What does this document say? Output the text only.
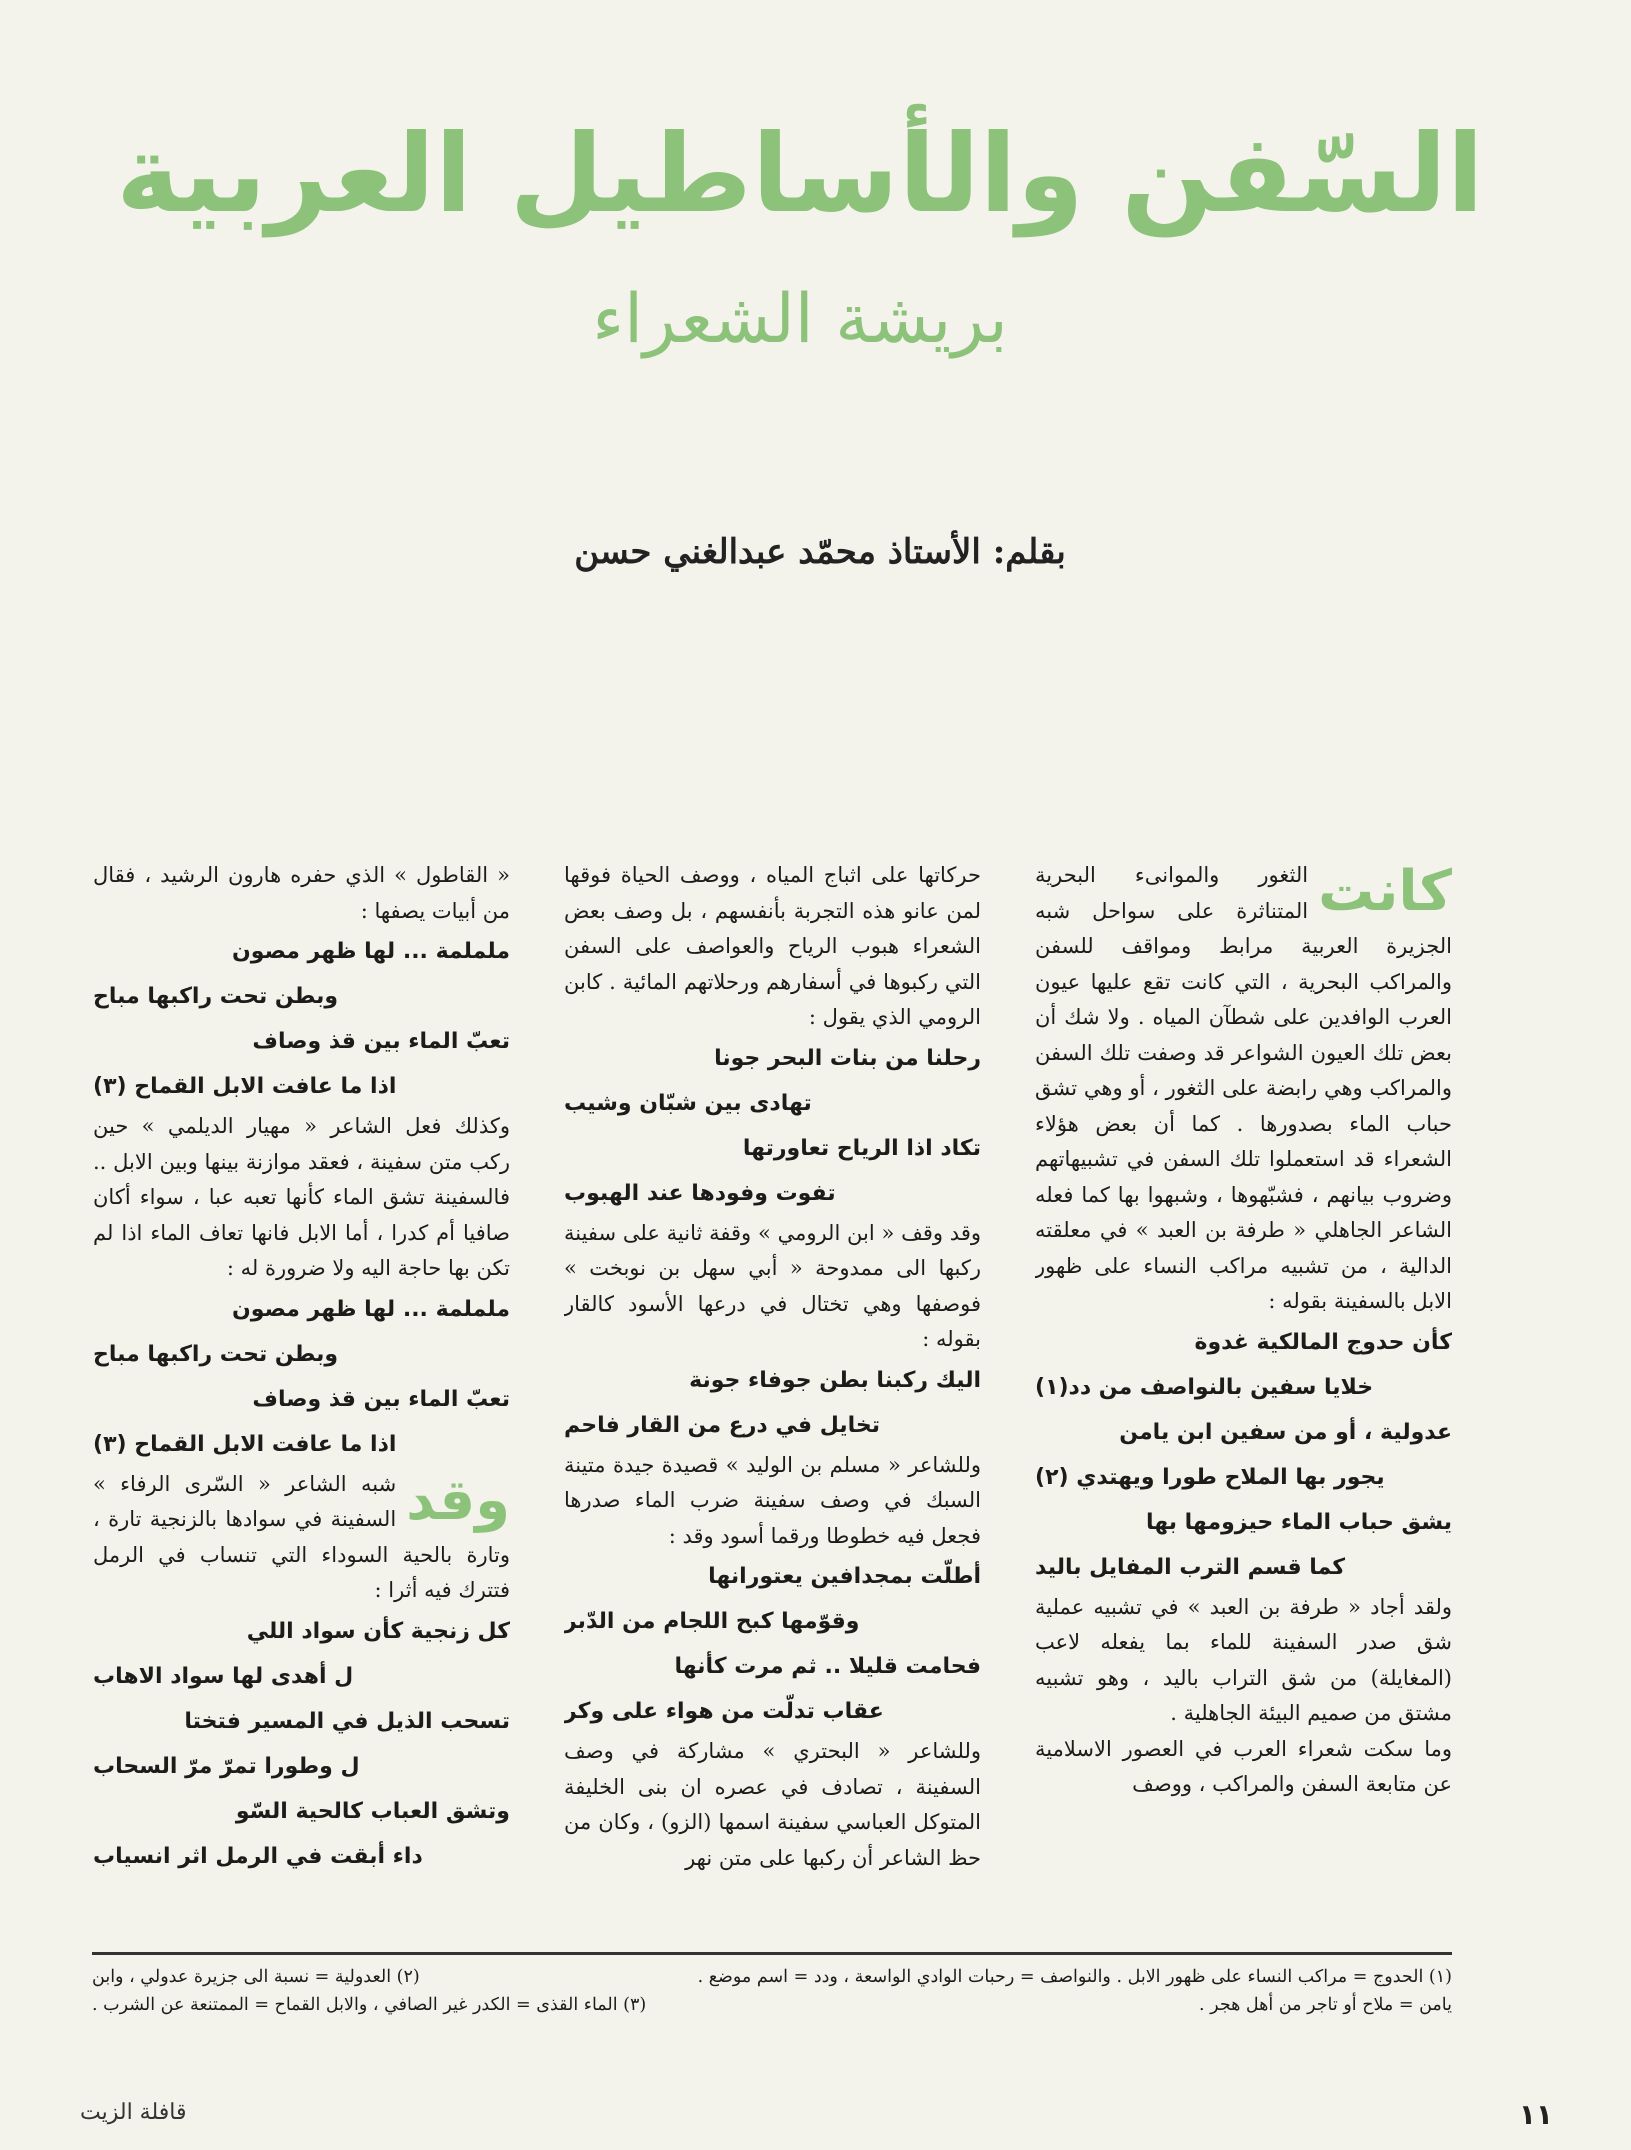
السّفن والأساطيل العربية
بريشة الشعراء
بقلم: الأستاذ محمّد عبدالغني حسن
كانت

الثغور والموانىء البحرية المتناثرة على سواحل شبه الجزيرة العربية مرابط ومواقف للسفن والمراكب البحرية ، التي كانت تقع عليها عيون العرب الوافدين على شطآن المياه . ولا شك أن بعض تلك العيون الشواعر قد وصفت تلك السفن والمراكب وهي رابضة على الثغور ، أو وهي تشق حباب الماء بصدورها . كما أن بعض هؤلاء الشعراء قد استعملوا تلك السفن في تشبيهاتهم وضروب بيانهم ، فشبّهوها ، وشبهوا بها كما فعله الشاعر الجاهلي « طرفة بن العبد » في معلقته الدالية ، من تشبيه مراكب النساء على ظهور الابل بالسفينة بقوله :

كأن حدوج المالكية غدوة

خلايا سفين بالنواصف من دد(١)

عدولية ، أو من سفين ابن يامن

يجور بها الملاح طورا ويهتدي (٢)

يشق حباب الماء حيزومها بها

كما قسم الترب المفايل باليد

ولقد أجاد « طرفة بن العبد » في تشبيه عملية شق صدر السفينة للماء بما يفعله لاعب (المغايلة) من شق التراب باليد ، وهو تشبيه مشتق من صميم البيئة الجاهلية .

وما سكت شعراء العرب في العصور الاسلامية عن متابعة السفن والمراكب ، ووصف

حركاتها على اثباج المياه ، ووصف الحياة فوقها لمن عانو هذه التجربة بأنفسهم ، بل وصف بعض الشعراء هبوب الرياح والعواصف على السفن التي ركبوها في أسفارهم ورحلاتهم المائية . كابن الرومي الذي يقول :

رحلنا من بنات البحر جونا

تهادى بين شبّان وشيب

تكاد اذا الرياح تعاورتها

تفوت وفودها عند الهبوب

وقد وقف « ابن الرومي » وقفة ثانية على سفينة ركبها الى ممدوحة « أبي سهل بن نوبخت » فوصفها وهي تختال في درعها الأسود كالقار بقوله :

اليك ركبنا بطن جوفاء جونة

تخايل في درع من القار فاحم

وللشاعر « مسلم بن الوليد » قصيدة جيدة متينة السبك في وصف سفينة ضرب الماء صدرها فجعل فيه خطوطا ورقما أسود وقد :

أطلّت بمجدافين يعتورانها

وقوّمها كبح اللجام من الدّبر

فحامت قليلا .. ثم مرت كأنها

عقاب تدلّت من هواء على وكر

وللشاعر « البحتري » مشاركة في وصف السفينة ، تصادف في عصره ان بنى الخليفة المتوكل العباسي سفينة اسمها (الزو) ، وكان من حظ الشاعر أن ركبها على متن نهر

« القاطول » الذي حفره هارون الرشيد ، فقال من أبيات يصفها :

ململمة ... لها ظهر مصون

وبطن تحت راكبها مباح

تعبّ الماء بين قذ وصاف

اذا ما عافت الابل القماح (٣)

وكذلك فعل الشاعر « مهيار الديلمي » حين ركب متن سفينة ، فعقد موازنة بينها وبين الابل .. فالسفينة تشق الماء كأنها تعبه عبا ، سواء أكان صافيا أم كدرا ، أما الابل فانها تعاف الماء اذا لم تكن بها حاجة اليه ولا ضرورة له :

ململمة ... لها ظهر مصون

وبطن تحت راكبها مباح

تعبّ الماء بين قذ وصاف

اذا ما عافت الابل القماح (٣)

وقد

شبه الشاعر « السّرى الرفاء » السفينة في سوادها بالزنجية تارة ، وتارة بالحية السوداء التي تنساب في الرمل فتترك فيه أثرا :

كل زنجية كأن سواد اللي

ل أهدى لها سواد الاهاب

تسحب الذيل في المسير فتختا

ل وطورا تمرّ مرّ السحاب

وتشق العباب كالحية السّو

داء أبقت في الرمل اثر انسياب

(١) الحدوج = مراكب النساء على ظهور الابل . والنواصف = رحبات الوادي الواسعة ، ودد = اسم موضع .
(٢) العدولية = نسبة الى جزيرة عدولي ، وابن
يامن = ملاح أو تاجر من أهل هجر .
(٣) الماء القذى = الكدر غير الصافي ، والابل القماح = الممتنعة عن الشرب .
١١
قافلة الزيت
